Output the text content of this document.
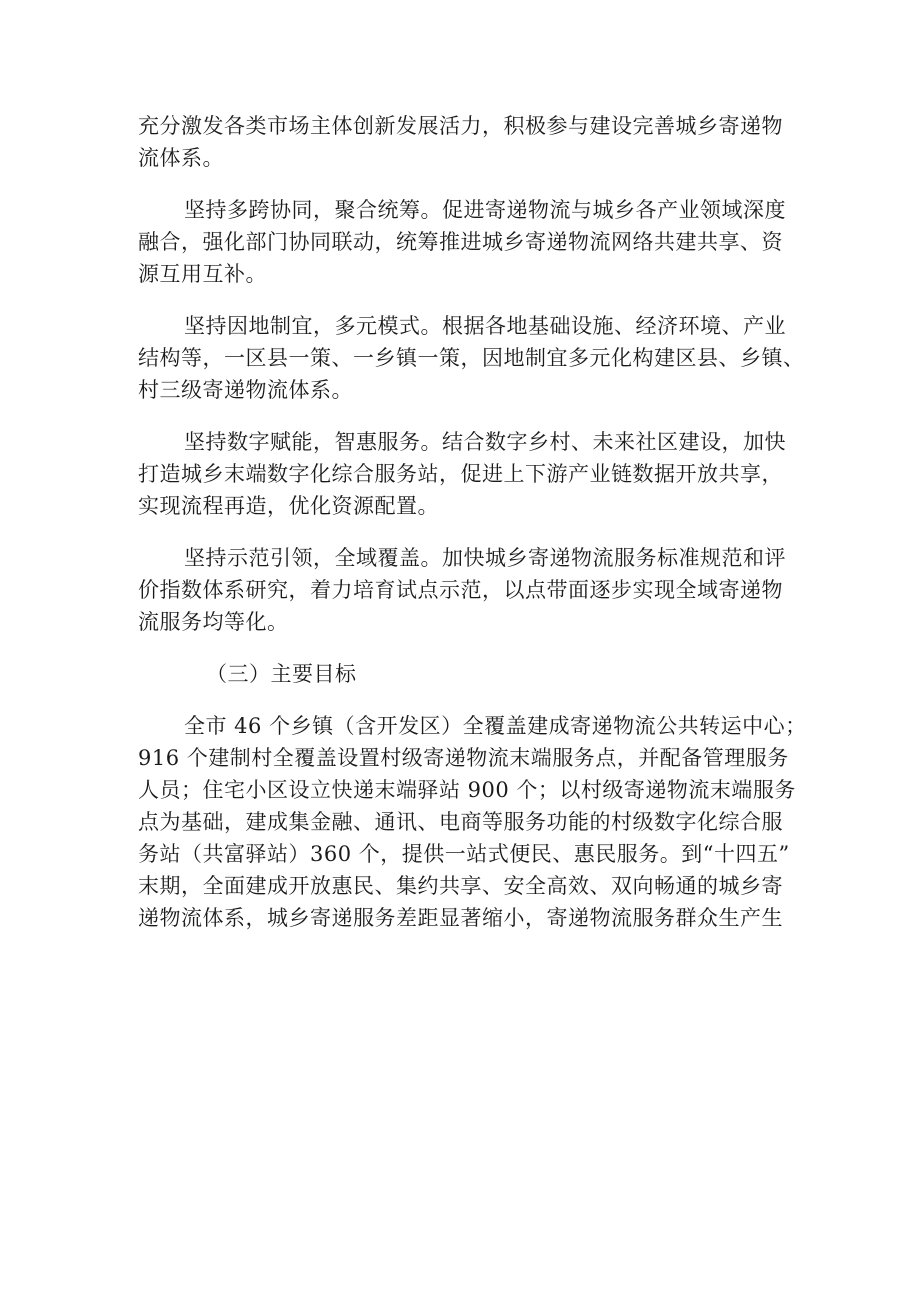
充分激发各类市场主体创新发展活力，积极参与建设完善城乡寄递物
流体系。
坚持多跨协同，聚合统筹。促进寄递物流与城乡各产业领域深度
融合，强化部门协同联动，统筹推进城乡寄递物流网络共建共享、资
源互用互补。
坚持因地制宜，多元模式。根据各地基础设施、经济环境、产业
结构等，一区县一策、一乡镇一策，因地制宜多元化构建区县、乡镇、
村三级寄递物流体系。
坚持数字赋能，智惠服务。结合数字乡村、未来社区建设，加快
打造城乡末端数字化综合服务站，促进上下游产业链数据开放共享，
实现流程再造，优化资源配置。
坚持示范引领，全域覆盖。加快城乡寄递物流服务标准规范和评
价指数体系研究，着力培育试点示范，以点带面逐步实现全域寄递物
流服务均等化。
（三）主要目标
全市 46 个乡镇（含开发区）全覆盖建成寄递物流公共转运中心；
916 个建制村全覆盖设置村级寄递物流末端服务点，并配备管理服务
人员；住宅小区设立快递末端驿站 900 个；以村级寄递物流末端服务
点为基础，建成集金融、通讯、电商等服务功能的村级数字化综合服
务站（共富驿站）360 个，提供一站式便民、惠民服务。到“十四五”
末期，全面建成开放惠民、集约共享、安全高效、双向畅通的城乡寄
递物流体系，城乡寄递服务差距显著缩小，寄递物流服务群众生产生
